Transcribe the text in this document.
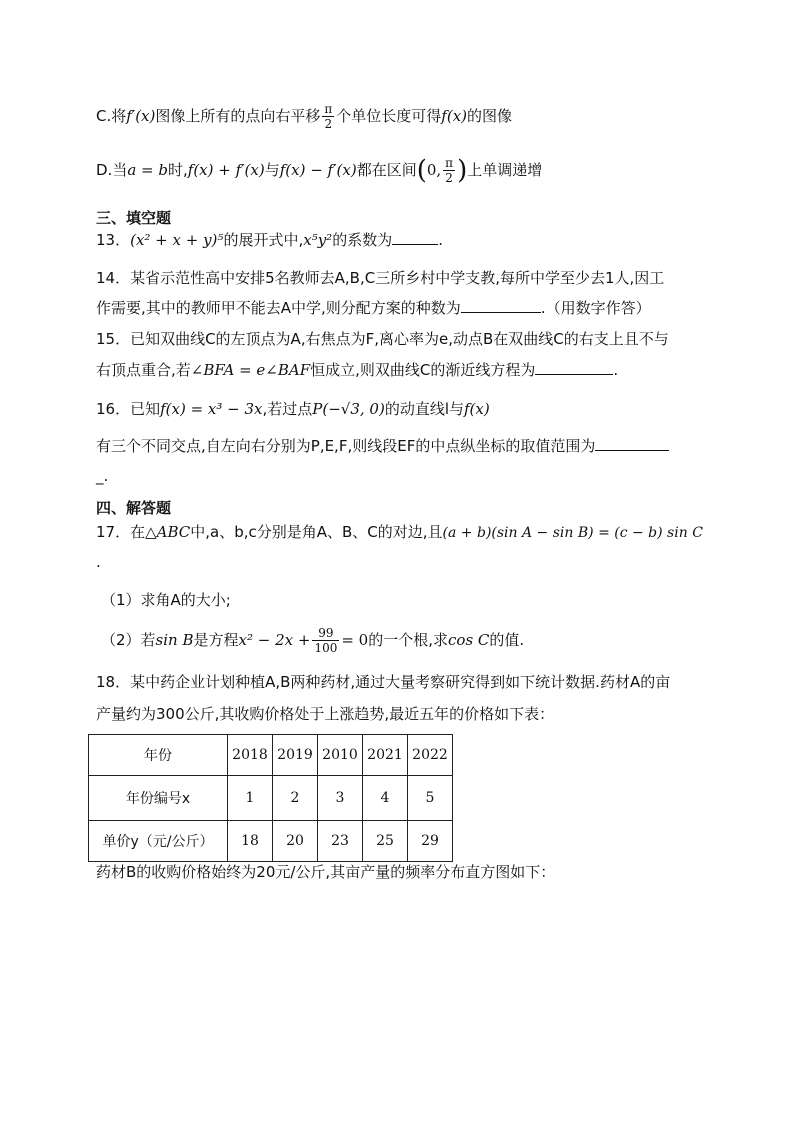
C.将f′(x)图像上所有的点向右平移 $\frac{\pi}{2}$ 个单位长度可得f(x)的图像
D.当a = b时,f(x) + f′(x)与f(x) − f′(x)都在区间(0, $\frac{\pi}{2}$ )上单调递增
三、填空题
13．(x² + x + y)⁵的展开式中,x⁵y²的系数为	.
14．某省示范性高中安排5名教师去A,B,C三所乡村中学支教,每所中学至少去1人,因工
作需要,其中的教师甲不能去A中学,则分配方案的种数为	.（用数字作答）
15．已知双曲线C的左顶点为A,右焦点为F,离心率为e,动点B在双曲线C的右支上且不与
右顶点重合,若∠BFA = e∠BAF恒成立,则双曲线C的渐近线方程为	.
16．已知f(x) = x³ − 3x,若过点P(−√3, 0)的动直线l与f(x)
有三个不同交点,自左向右分别为P,E,F,则线段EF的中点纵坐标的取值范围为
_.
四、解答题
17．在△ABC中,a、b,c分别是角A、B、C的对边,且(a + b)(sin A − sin B) = (c − b) sin C
.
（1）求角A的大小;
（2）若sin B是方程$x^2 - 2x + \frac{99}{100} = 0$的一个根,求cos C的值.
18．某中药企业计划种植A,B两种药材,通过大量考察研究得到如下统计数据.药材A的亩
产量约为300公斤,其收购价格处于上涨趋势,最近五年的价格如下表：
年份	2018	2019	2010	2021	2022
年份编号x	1	2	3	4	5
单价y（元/公斤）	18	20	23	25	29
药材B的收购价格始终为20元/公斤,其亩产量的频率分布直方图如下：
